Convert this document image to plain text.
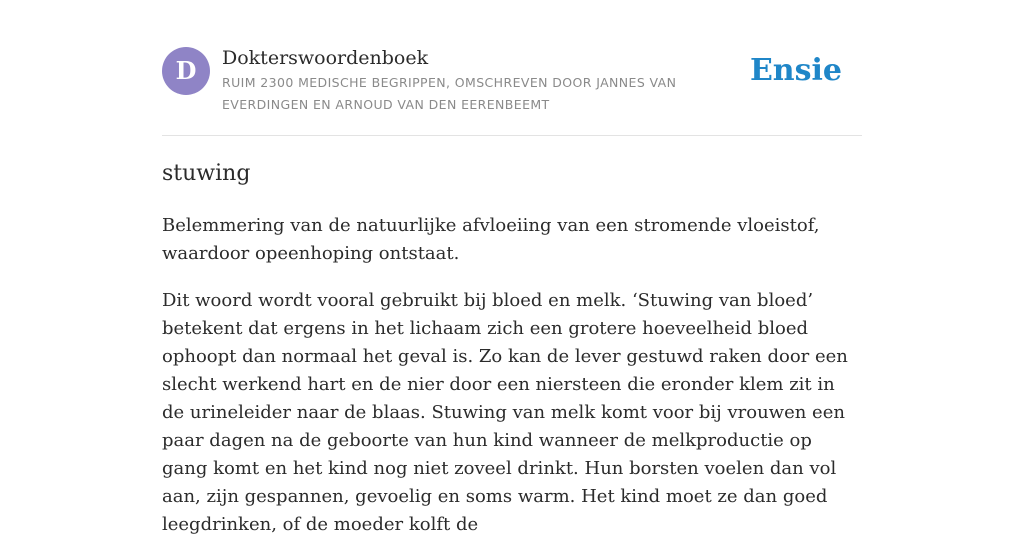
D	Dokterswoordenboek
RUIM 2300 MEDISCHE BEGRIPPEN, OMSCHREVEN DOOR JANNES VAN EVERDINGEN EN ARNOUD VAN DEN EERENBEEMT
Ensie
stuwing

Belemmering van de natuurlijke afvloeiing van een stromende vloeistof, waardoor opeenhoping ontstaat.

Dit woord wordt vooral gebruikt bij bloed en melk. ‘Stuwing van bloed’ betekent dat ergens in het lichaam zich een grotere hoeveelheid bloed ophoopt dan normaal het geval is. Zo kan de lever gestuwd raken door een slecht werkend hart en de nier door een niersteen die eronder klem zit in de urineleider naar de blaas. Stuwing van melk komt voor bij vrouwen een paar dagen na de geboorte van hun kind wanneer de melkproductie op gang komt en het kind nog niet zoveel drinkt. Hun borsten voelen dan vol aan, zijn gespannen, gevoelig en soms warm. Het kind moet ze dan goed leegdrinken, of de moeder kolft de
